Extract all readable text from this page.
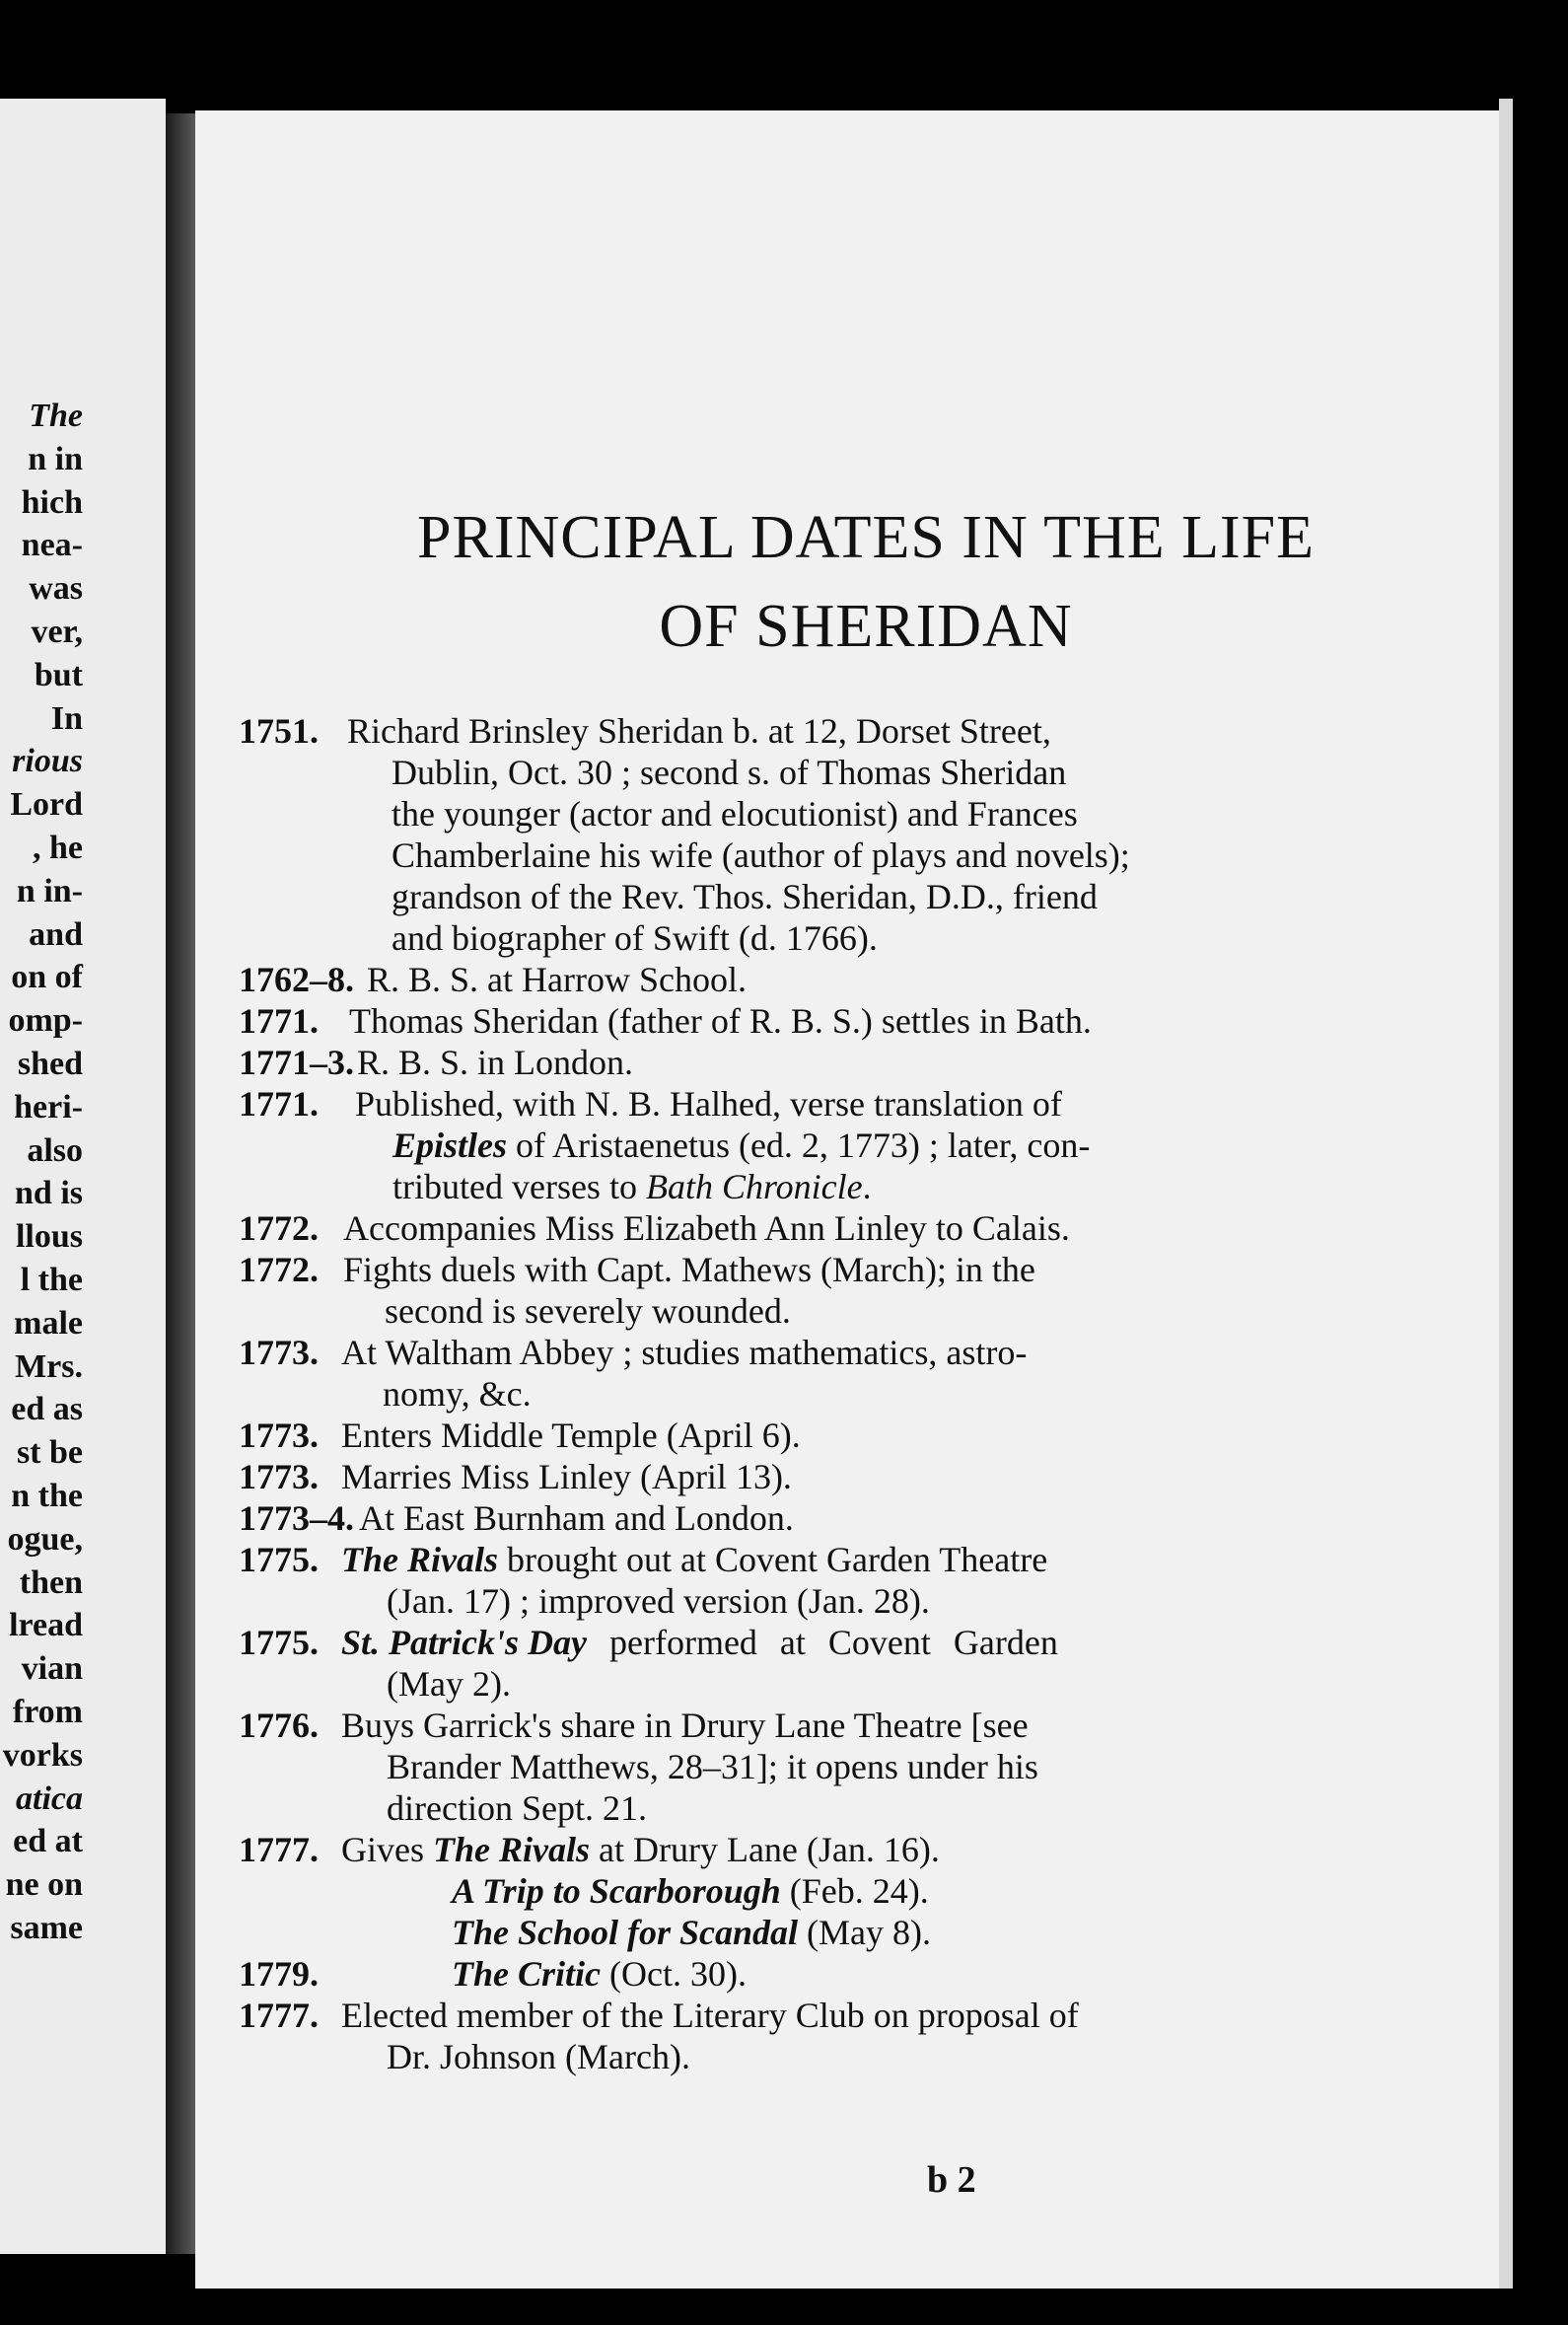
The
n in
hich
nea-
was
ver,
but
In
rious
Lord
, he
n in-
and
on of
omp-
shed
heri-
also
nd is
llous
l the
male
Mrs.
ed as
st be
n the
ogue,
then
lread
vian
from
vorks
atica
ed at
ne on
same
PRINCIPAL DATES IN THE LIFE
OF SHERIDAN
1751. Richard Brinsley Sheridan b. at 12, Dorset Street,

Dublin, Oct. 30 ; second s. of Thomas Sheridan
the younger (actor and elocutionist) and Frances
Chamberlaine his wife (author of plays and novels);
grandson of the Rev. Thos. Sheridan, D.D., friend
and biographer of Swift (d. 1766).
1762–8. R. B. S. at Harrow School.
1771. Thomas Sheridan (father of R. B. S.) settles in Bath.
1771–3. R. B. S. in London.
1771.	Published, with N. B. Halhed, verse translation of
Epistles of Aristaenetus (ed. 2, 1773) ; later, con-
tributed verses to Bath Chronicle.
1772. Accompanies Miss Elizabeth Ann Linley to Calais.
1772. Fights duels with Capt. Mathews (March); in the
second is severely wounded.
1773. At Waltham Abbey ; studies mathematics, astro-
nomy, &c.
1773. Enters Middle Temple (April 6).
1773. Marries Miss Linley (April 13).
1773–4. At East Burnham and London.
1775. The Rivals brought out at Covent Garden Theatre
(Jan. 17) ; improved version (Jan. 28).
1775. St. Patrick's Day performed at Covent Garden
(May 2).
1776. Buys Garrick's share in Drury Lane Theatre [see
Brander Matthews, 28–31]; it opens under his
direction Sept. 21.
1777. Gives The Rivals at Drury Lane (Jan. 16).
A Trip to Scarborough (Feb. 24).
The School for Scandal (May 8).
1779.	The Critic (Oct. 30).
1777. Elected member of the Literary Club on proposal of
Dr. Johnson (March).
b 2
